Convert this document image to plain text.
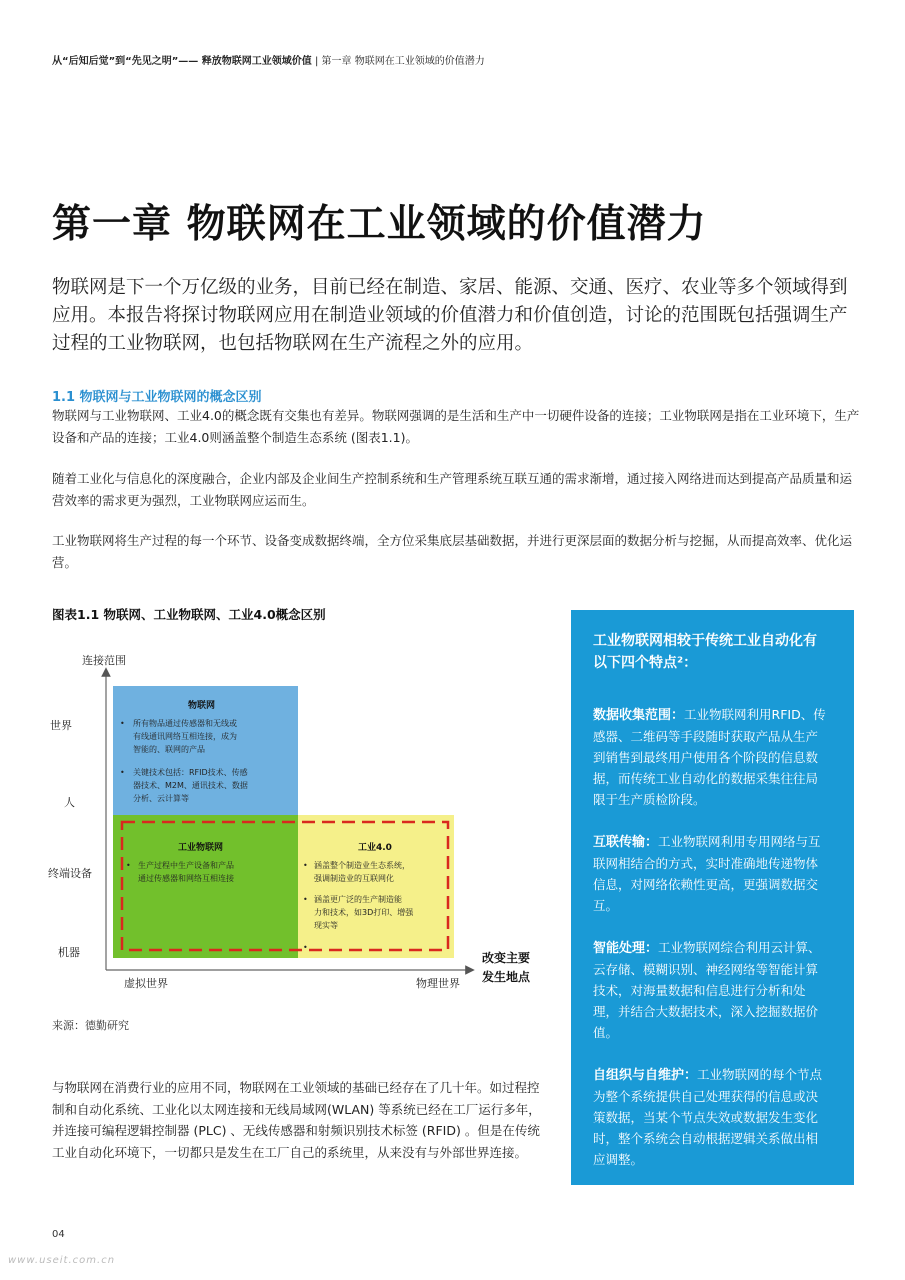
从“后知后觉”到“先见之明”—— 释放物联网工业领域价值 | 第一章 物联网在工业领域的价值潜力
第一章 物联网在工业领域的价值潜力
物联网是下一个万亿级的业务，目前已经在制造、家居、能源、交通、医疗、农业等多个领域得到应用。本报告将探讨物联网应用在制造业领域的价值潜力和价值创造，讨论的范围既包括强调生产过程的工业物联网，也包括物联网在生产流程之外的应用。
1.1 物联网与工业物联网的概念区别
物联网与工业物联网、工业4.0的概念既有交集也有差异。物联网强调的是生活和生产中一切硬件设备的连接；工业物联网是指在工业环境下，生产设备和产品的连接；工业4.0则涵盖整个制造生态系统 (图表1.1)。
随着工业化与信息化的深度融合，企业内部及企业间生产控制系统和生产管理系统互联互通的需求渐增，通过接入网络进而达到提高产品质量和运营效率的需求更为强烈，工业物联网应运而生。
工业物联网将生产过程的每一个环节、设备变成数据终端，全方位采集底层基础数据，并进行更深层面的数据分析与挖掘，从而提高效率、优化运营。
图表1.1 物联网、工业物联网、工业4.0概念区别
连接范围
世界
人
终端设备
机器
虚拟世界	物理世界
改变主要
发生地点
物联网
• 所有物品通过传感器和无线或
有线通讯网络互相连接，成为
智能的、联网的产品
• 关键技术包括：RFID技术、传感
器技术、M2M、通讯技术、数据
分析、云计算等
工业物联网
• 生产过程中生产设备和产品
通过传感器和网络互相连接
工业4.0
• 涵盖整个制造业生态系统，
强调制造业的互联网化
• 涵盖更广泛的生产制造能
力和技术，如3D打印、增强
现实等
•
来源：德勤研究
与物联网在消费行业的应用不同，物联网在工业领域的基础已经存在了几十年。如过程控制和自动化系统、工业化以太网连接和无线局域网(WLAN) 等系统已经在工厂运行多年，并连接可编程逻辑控制器 (PLC) 、无线传感器和射频识别技术标签 (RFID) 。但是在传统工业自动化环境下，一切都只是发生在工厂自己的系统里，从来没有与外部世界连接。
工业物联网相较于传统工业自动化有以下四个特点²：
数据收集范围：工业物联网利用RFID、传感器、二维码等手段随时获取产品从生产到销售到最终用户使用各个阶段的信息数据，而传统工业自动化的数据采集往往局限于生产质检阶段。
互联传输：工业物联网利用专用网络与互联网相结合的方式，实时准确地传递物体信息，对网络依赖性更高，更强调数据交互。
智能处理：工业物联网综合利用云计算、云存储、模糊识别、神经网络等智能计算技术，对海量数据和信息进行分析和处理，并结合大数据技术，深入挖掘数据价值。
自组织与自维护：工业物联网的每个节点为整个系统提供自己处理获得的信息或决策数据，当某个节点失效或数据发生变化时，整个系统会自动根据逻辑关系做出相应调整。
04
www.useit.com.cn
